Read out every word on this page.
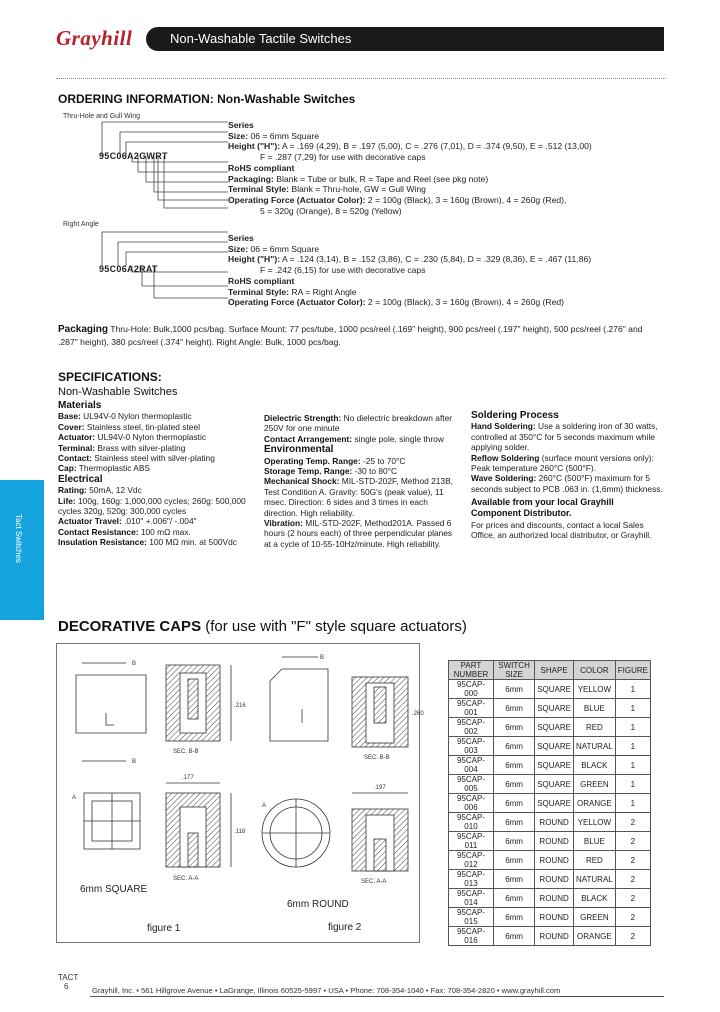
Grayhill	Non-Washable Tactile Switches
ORDERING INFORMATION: Non-Washable Switches
Thru-Hole and Gull Wing
95C06A2GWRT
Series
Size: 06 = 6mm Square
Height ("H"): A = .169 (4,29), B = .197 (5,00), C = .276 (7,01), D = .374 (9,50), E = .512 (13,00)
F = .287 (7,29) for use with decorative caps
RoHS compliant
Packaging: Blank = Tube or bulk, R = Tape and Reel (see pkg note)
Terminal Style: Blank = Thru-hole, GW = Gull Wing
Operating Force (Actuator Color): 2 = 100g (Black), 3 = 160g (Brown), 4 = 260g (Red),
5 = 320g (Orange), 8 = 520g (Yellow)
Right Angle
95C06A2RAT
Series
Size: 06 = 6mm Square
Height ("H"): A = .124 (3,14), B = .152 (3,86), C = .230 (5,84), D = .329 (8,36), E = .467 (11,86)
F = .242 (6,15) for use with decorative caps
RoHS compliant
Terminal Style: RA = Right Angle
Operating Force (Actuator Color): 2 = 100g (Black), 3 = 160g (Brown), 4 = 260g (Red)
Packaging Thru-Hole: Bulk,1000 pcs/bag. Surface Mount: 77 pcs/tube, 1000 pcs/reel (.169" height), 900 pcs/reel (.197" height), 500 pcs/reel (.276" and .287" height), 380 pcs/reel (.374" height). Right Angle: Bulk, 1000 pcs/bag.
SPECIFICATIONS:
Non-Washable Switches
Materials
Base: UL94V-0 Nylon thermoplastic
Cover: Stainless steel, tin-plated steel
Actuator: UL94V-0 Nylon thermoplastic
Terminal: Brass with silver-plating
Contact: Stainless steel with silver-plating
Cap: Thermoplastic ABS
Electrical
Rating: 50mA, 12 Vdc
Life: 100g, 160g: 1,000,000 cycles; 260g: 500,000 cycles 320g, 520g: 300,000 cycles
Actuator Travel: .010" +.006"/ -.004"
Contact Resistance: 100 mΩ max.
Insulation Resistance: 100 MΩ min. at 500Vdc
Dielectric Strength: No dielectric breakdown after 250V for one minute
Contact Arrangement: single pole, single throw
Environmental
Operating Temp. Range: -25 to 70°C
Storage Temp. Range: -30 to 80°C
Mechanical Shock: MIL-STD-202F, Method 213B, Test Condition A. Gravity: 50G's (peak value), 11 msec. Direction: 6 sides and 3 times in each direction. High reliability.
Vibration: MIL-STD-202F, Method201A. Passed 6 hours (2 hours each) of three perpendicular planes at a cycle of 10-55-10Hz/minute. High reliability.
Soldering Process
Hand Soldering: Use a soldering iron of 30 watts, controlled at 350°C for 5 seconds maximum while applying solder.
Reflow Soldering (surface mount versions only): Peak temperature 260°C (500°F).
Wave Soldering: 260°C (500°F) maximum for 5 seconds subject to PCB .063 in. (1,6mm) thickness.
Available from your local Grayhill Component Distributor.
For prices and discounts, contact a local Sales Office, an authorized local distributor, or Grayhill.
Tact Switches
DECORATIVE CAPS (for use with "F" style square actuators)
B
B
A
.177
.216
.118
B
A
.197
.260
SEC. B-B
SEC. A-A
SEC. B-B
SEC. A-A
6mm SQUARE
figure 1
6mm ROUND
figure 2
PART NUMBER	SWITCH SIZE	SHAPE	COLOR	FIGURE
95CAP-000	6mm	SQUARE	YELLOW	1
95CAP-001	6mm	SQUARE	BLUE	1
95CAP-002	6mm	SQUARE	RED	1
95CAP-003	6mm	SQUARE	NATURAL	1
95CAP-004	6mm	SQUARE	BLACK	1
95CAP-005	6mm	SQUARE	GREEN	1
95CAP-006	6mm	SQUARE	ORANGE	1
95CAP-010	6mm	ROUND	YELLOW	2
95CAP-011	6mm	ROUND	BLUE	2
95CAP-012	6mm	ROUND	RED	2
95CAP-013	6mm	ROUND	NATURAL	2
95CAP-014	6mm	ROUND	BLACK	2
95CAP-015	6mm	ROUND	GREEN	2
95CAP-016	6mm	ROUND	ORANGE	2
TACT
6	Grayhill, Inc. • 561 Hillgrove Avenue • LaGrange, Illinois 60525-5997 • USA • Phone: 708-354-1040 • Fax: 708-354-2820 • www.grayhill.com
